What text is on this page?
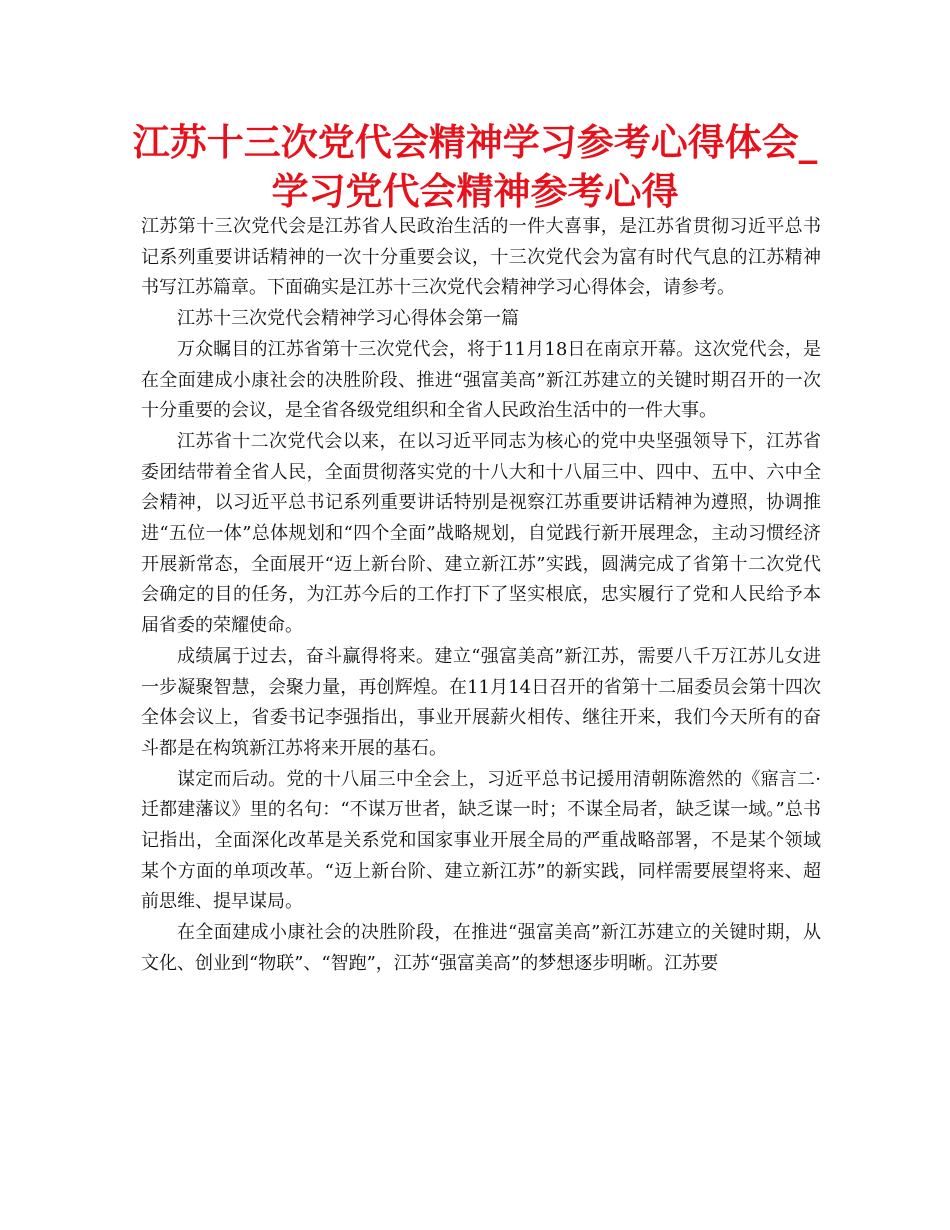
江苏十三次党代会精神学习参考心得体会_学习党代会精神参考心得

江苏第十三次党代会是江苏省人民政治生活的一件大喜事，是江苏省贯彻习近平总书记系列重要讲话精神的一次十分重要会议，十三次党代会为富有时代气息的江苏精神书写江苏篇章。下面确实是江苏十三次党代会精神学习心得体会，请参考。

江苏十三次党代会精神学习心得体会第一篇

万众瞩目的江苏省第十三次党代会，将于11月18日在南京开幕。这次党代会，是在全面建成小康社会的决胜阶段、推进“强富美高”新江苏建立的关键时期召开的一次十分重要的会议，是全省各级党组织和全省人民政治生活中的一件大事。

江苏省十二次党代会以来，在以习近平同志为核心的党中央坚强领导下，江苏省委团结带着全省人民，全面贯彻落实党的十八大和十八届三中、四中、五中、六中全会精神，以习近平总书记系列重要讲话特别是视察江苏重要讲话精神为遵照，协调推进“五位一体”总体规划和“四个全面”战略规划，自觉践行新开展理念，主动习惯经济开展新常态，全面展开“迈上新台阶、建立新江苏”实践，圆满完成了省第十二次党代会确定的目的任务，为江苏今后的工作打下了坚实根底，忠实履行了党和人民给予本届省委的荣耀使命。

成绩属于过去，奋斗赢得将来。建立“强富美高”新江苏，需要八千万江苏儿女进一步凝聚智慧，会聚力量，再创辉煌。在11月14日召开的省第十二届委员会第十四次全体会议上，省委书记李强指出，事业开展薪火相传、继往开来，我们今天所有的奋斗都是在构筑新江苏将来开展的基石。

谋定而后动。党的十八届三中全会上，习近平总书记援用清朝陈澹然的《寤言二·迁都建藩议》里的名句：“不谋万世者，缺乏谋一时；不谋全局者，缺乏谋一域。”总书记指出，全面深化改革是关系党和国家事业开展全局的严重战略部署，不是某个领域某个方面的单项改革。“迈上新台阶、建立新江苏”的新实践，同样需要展望将来、超前思维、提早谋局。

在全面建成小康社会的决胜阶段，在推进“强富美高”新江苏建立的关键时期，从文化、创业到“物联”、“智跑”，江苏“强富美高”的梦想逐步明晰。江苏要
